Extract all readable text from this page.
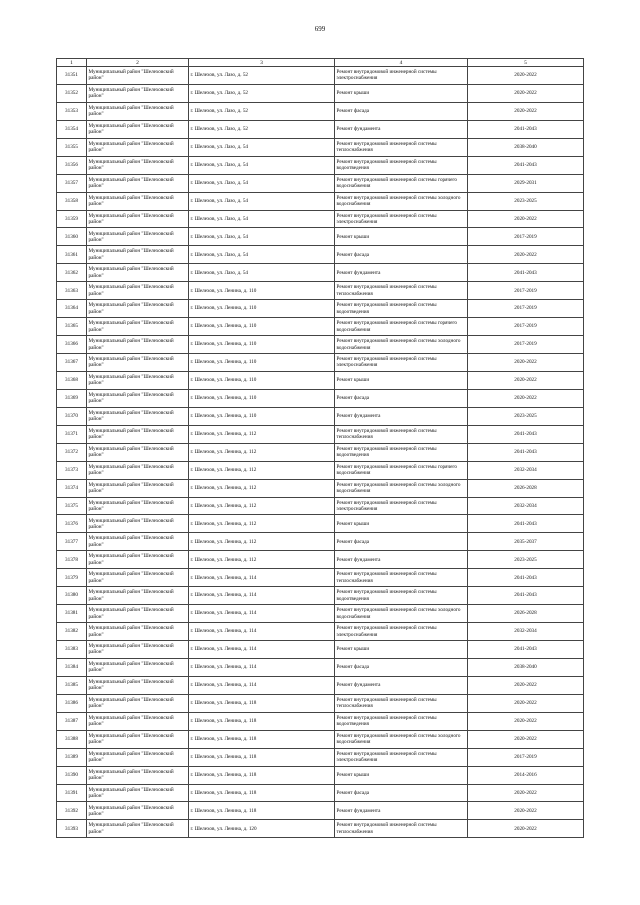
699
1	2	3	4	5
31351	Муниципальный район "Шелеховский район"	г. Шелехов, ул. Лазо, д. 52	Ремонт внутридомовой инженерной системы электроснабжения	2020-2022
31352	Муниципальный район "Шелеховский район"	г. Шелехов, ул. Лазо, д. 52	Ремонт крыши	2020-2022
31353	Муниципальный район "Шелеховский район"	г. Шелехов, ул. Лазо, д. 52	Ремонт фасада	2020-2022
31354	Муниципальный район "Шелеховский район"	г. Шелехов, ул. Лазо, д. 52	Ремонт фундамента	2041-2043
31355	Муниципальный район "Шелеховский район"	г. Шелехов, ул. Лазо, д. 54	Ремонт внутридомовой инженерной системы теплоснабжения	2038-2040
31356	Муниципальный район "Шелеховский район"	г. Шелехов, ул. Лазо, д. 54	Ремонт внутридомовой инженерной системы водоотведения	2041-2043
31357	Муниципальный район "Шелеховский район"	г. Шелехов, ул. Лазо, д. 54	Ремонт внутридомовой инженерной системы горячего водоснабжения	2029-2031
31358	Муниципальный район "Шелеховский район"	г. Шелехов, ул. Лазо, д. 54	Ремонт внутридомовой инженерной системы холодного водоснабжения	2023-2025
31359	Муниципальный район "Шелеховский район"	г. Шелехов, ул. Лазо, д. 54	Ремонт внутридомовой инженерной системы электроснабжения	2020-2022
31360	Муниципальный район "Шелеховский район"	г. Шелехов, ул. Лазо, д. 54	Ремонт крыши	2017-2019
31361	Муниципальный район "Шелеховский район"	г. Шелехов, ул. Лазо, д. 54	Ремонт фасада	2020-2022
31362	Муниципальный район "Шелеховский район"	г. Шелехов, ул. Лазо, д. 54	Ремонт фундамента	2041-2043
31363	Муниципальный район "Шелеховский район"	г. Шелехов, ул. Ленина, д. 110	Ремонт внутридомовой инженерной системы теплоснабжения	2017-2019
31364	Муниципальный район "Шелеховский район"	г. Шелехов, ул. Ленина, д. 110	Ремонт внутридомовой инженерной системы водоотведения	2017-2019
31365	Муниципальный район "Шелеховский район"	г. Шелехов, ул. Ленина, д. 110	Ремонт внутридомовой инженерной системы горячего водоснабжения	2017-2019
31366	Муниципальный район "Шелеховский район"	г. Шелехов, ул. Ленина, д. 110	Ремонт внутридомовой инженерной системы холодного водоснабжения	2017-2019
31367	Муниципальный район "Шелеховский район"	г. Шелехов, ул. Ленина, д. 110	Ремонт внутридомовой инженерной системы электроснабжения	2020-2022
31368	Муниципальный район "Шелеховский район"	г. Шелехов, ул. Ленина, д. 110	Ремонт крыши	2020-2022
31369	Муниципальный район "Шелеховский район"	г. Шелехов, ул. Ленина, д. 110	Ремонт фасада	2020-2022
31370	Муниципальный район "Шелеховский район"	г. Шелехов, ул. Ленина, д. 110	Ремонт фундамента	2023-2025
31371	Муниципальный район "Шелеховский район"	г. Шелехов, ул. Ленина, д. 112	Ремонт внутридомовой инженерной системы теплоснабжения	2041-2043
31372	Муниципальный район "Шелеховский район"	г. Шелехов, ул. Ленина, д. 112	Ремонт внутридомовой инженерной системы водоотведения	2041-2043
31373	Муниципальный район "Шелеховский район"	г. Шелехов, ул. Ленина, д. 112	Ремонт внутридомовой инженерной системы горячего водоснабжения	2032-2034
31374	Муниципальный район "Шелеховский район"	г. Шелехов, ул. Ленина, д. 112	Ремонт внутридомовой инженерной системы холодного водоснабжения	2026-2028
31375	Муниципальный район "Шелеховский район"	г. Шелехов, ул. Ленина, д. 112	Ремонт внутридомовой инженерной системы электроснабжения	2032-2034
31376	Муниципальный район "Шелеховский район"	г. Шелехов, ул. Ленина, д. 112	Ремонт крыши	2041-2043
31377	Муниципальный район "Шелеховский район"	г. Шелехов, ул. Ленина, д. 112	Ремонт фасада	2035-2037
31378	Муниципальный район "Шелеховский район"	г. Шелехов, ул. Ленина, д. 112	Ремонт фундамента	2023-2025
31379	Муниципальный район "Шелеховский район"	г. Шелехов, ул. Ленина, д. 114	Ремонт внутридомовой инженерной системы теплоснабжения	2041-2043
31380	Муниципальный район "Шелеховский район"	г. Шелехов, ул. Ленина, д. 114	Ремонт внутридомовой инженерной системы водоотведения	2041-2043
31381	Муниципальный район "Шелеховский район"	г. Шелехов, ул. Ленина, д. 114	Ремонт внутридомовой инженерной системы холодного водоснабжения	2026-2028
31382	Муниципальный район "Шелеховский район"	г. Шелехов, ул. Ленина, д. 114	Ремонт внутридомовой инженерной системы электроснабжения	2032-2034
31383	Муниципальный район "Шелеховский район"	г. Шелехов, ул. Ленина, д. 114	Ремонт крыши	2041-2043
31384	Муниципальный район "Шелеховский район"	г. Шелехов, ул. Ленина, д. 114	Ремонт фасада	2038-2040
31385	Муниципальный район "Шелеховский район"	г. Шелехов, ул. Ленина, д. 114	Ремонт фундамента	2020-2022
31386	Муниципальный район "Шелеховский район"	г. Шелехов, ул. Ленина, д. 118	Ремонт внутридомовой инженерной системы теплоснабжения	2020-2022
31387	Муниципальный район "Шелеховский район"	г. Шелехов, ул. Ленина, д. 118	Ремонт внутридомовой инженерной системы водоотведения	2020-2022
31388	Муниципальный район "Шелеховский район"	г. Шелехов, ул. Ленина, д. 118	Ремонт внутридомовой инженерной системы холодного водоснабжения	2020-2022
31389	Муниципальный район "Шелеховский район"	г. Шелехов, ул. Ленина, д. 118	Ремонт внутридомовой инженерной системы электроснабжения	2017-2019
31390	Муниципальный район "Шелеховский район"	г. Шелехов, ул. Ленина, д. 118	Ремонт крыши	2014-2016
31391	Муниципальный район "Шелеховский район"	г. Шелехов, ул. Ленина, д. 118	Ремонт фасада	2020-2022
31392	Муниципальный район "Шелеховский район"	г. Шелехов, ул. Ленина, д. 118	Ремонт фундамента	2020-2022
31393	Муниципальный район "Шелеховский район"	г. Шелехов, ул. Ленина, д. 120	Ремонт внутридомовой инженерной системы теплоснабжения	2020-2022
